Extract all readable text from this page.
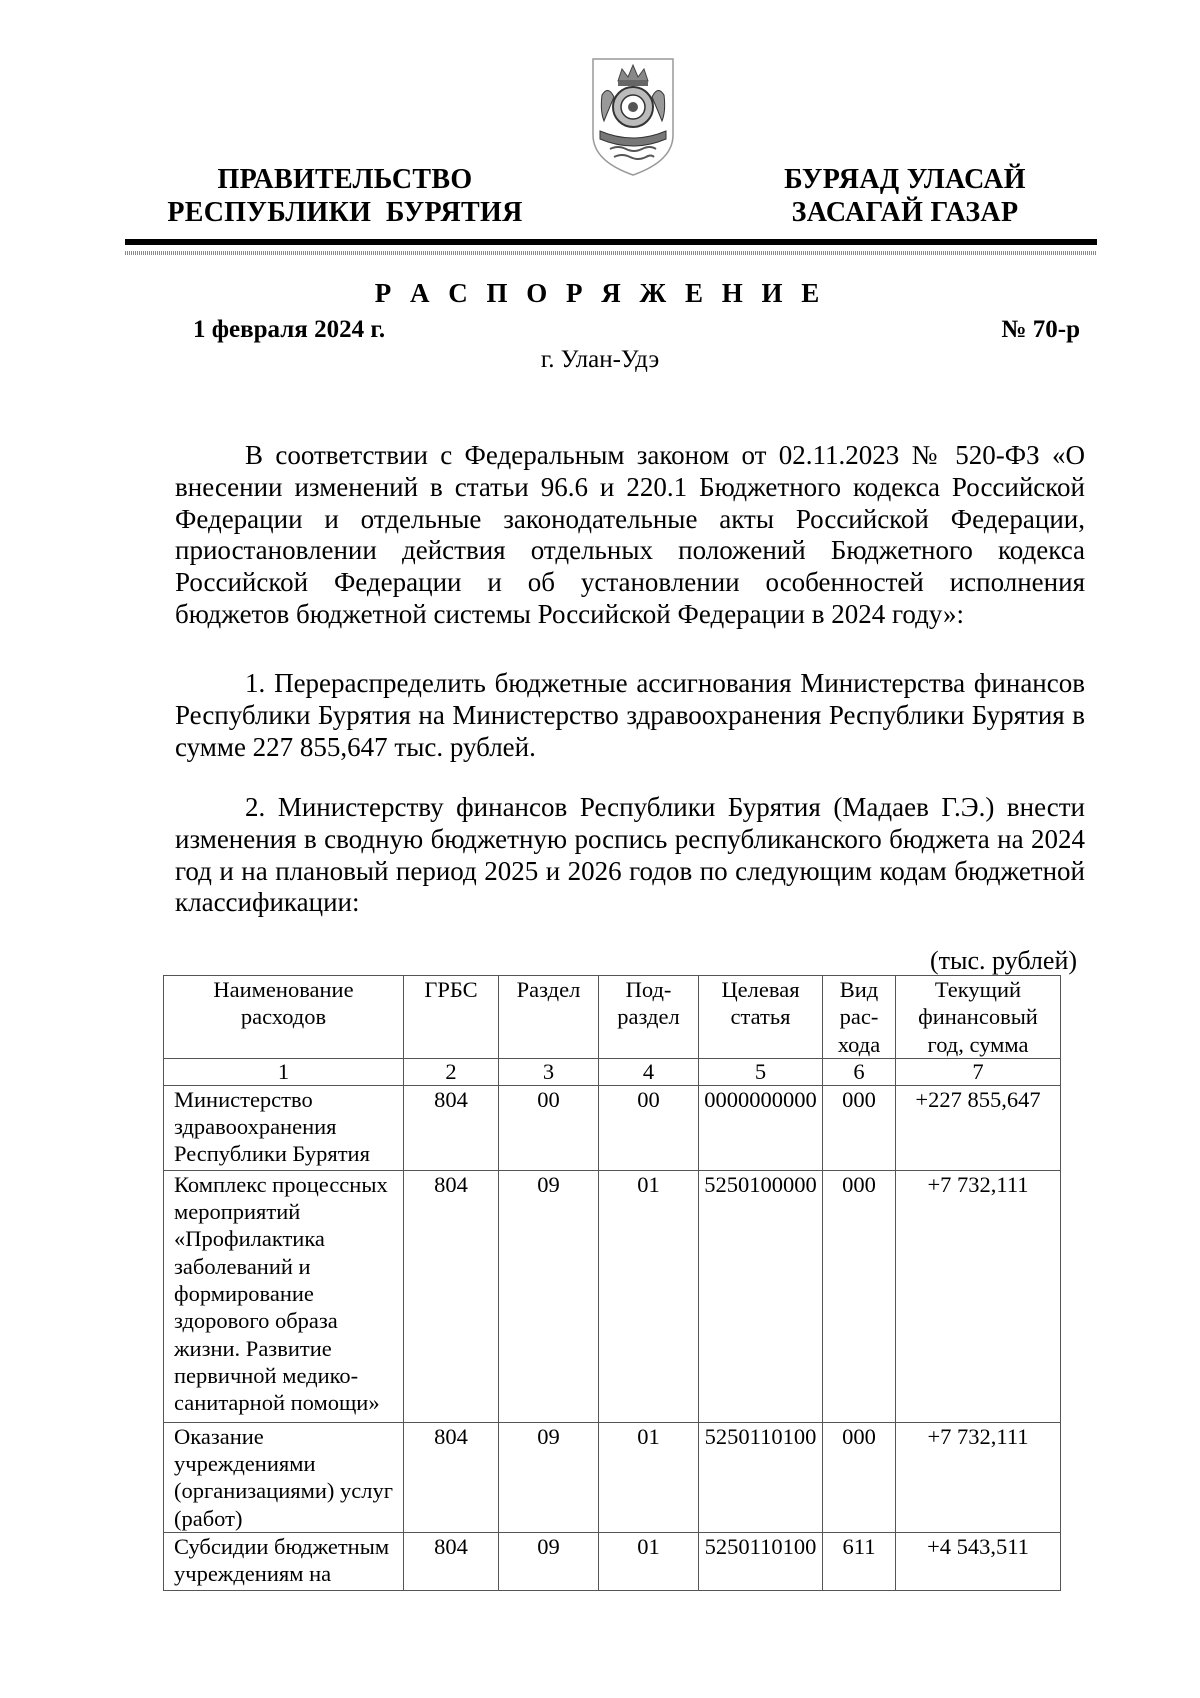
ПРАВИТЕЛЬСТВО
РЕСПУБЛИКИ  БУРЯТИЯ
БУРЯАД УЛАСАЙ
ЗАСАГАЙ ГАЗАР
Р А С П О Р Я Ж Е Н И Е
1 февраля 2024 г.	№ 70-р
г. Улан-Удэ
В соответствии с Федеральным законом от 02.11.2023 № 520-ФЗ «О внесении изменений в статьи 96.6 и 220.1 Бюджетного кодекса Российской Федерации и отдельные законодательные акты Российской Федерации, приостановлении действия отдельных положений Бюджетного кодекса Российской Федерации и об установлении особенностей исполнения бюджетов бюджетной системы Российской Федерации в 2024 году»:
1. Перераспределить бюджетные ассигнования Министерства финансов Республики Бурятия на Министерство здравоохранения Республики Бурятия в сумме 227 855,647 тыс. рублей.
2. Министерству финансов Республики Бурятия (Мадаев Г.Э.) внести изменения в сводную бюджетную роспись республиканского бюджета на 2024 год и на плановый период 2025 и 2026 годов по следующим кодам бюджетной классификации:
(тыс. рублей)
Наименование расходов	ГРБС	Раздел	Под- раздел	Целевая статья	Вид рас- хода	Текущий финансовый год, сумма
1	2	3	4	5	6	7
Министерство здравоохранения Республики Бурятия	804	00	00	0000000000	000	+227 855,647
Комплекс процессных мероприятий «Профилактика заболеваний и формирование здорового образа жизни. Развитие первичной медико-санитарной помощи»	804	09	01	5250100000	000	+7 732,111
Оказание учреждениями (организациями) услуг (работ)	804	09	01	5250110100	000	+7 732,111
Субсидии бюджетным учреждениям на	804	09	01	5250110100	611	+4 543,511
